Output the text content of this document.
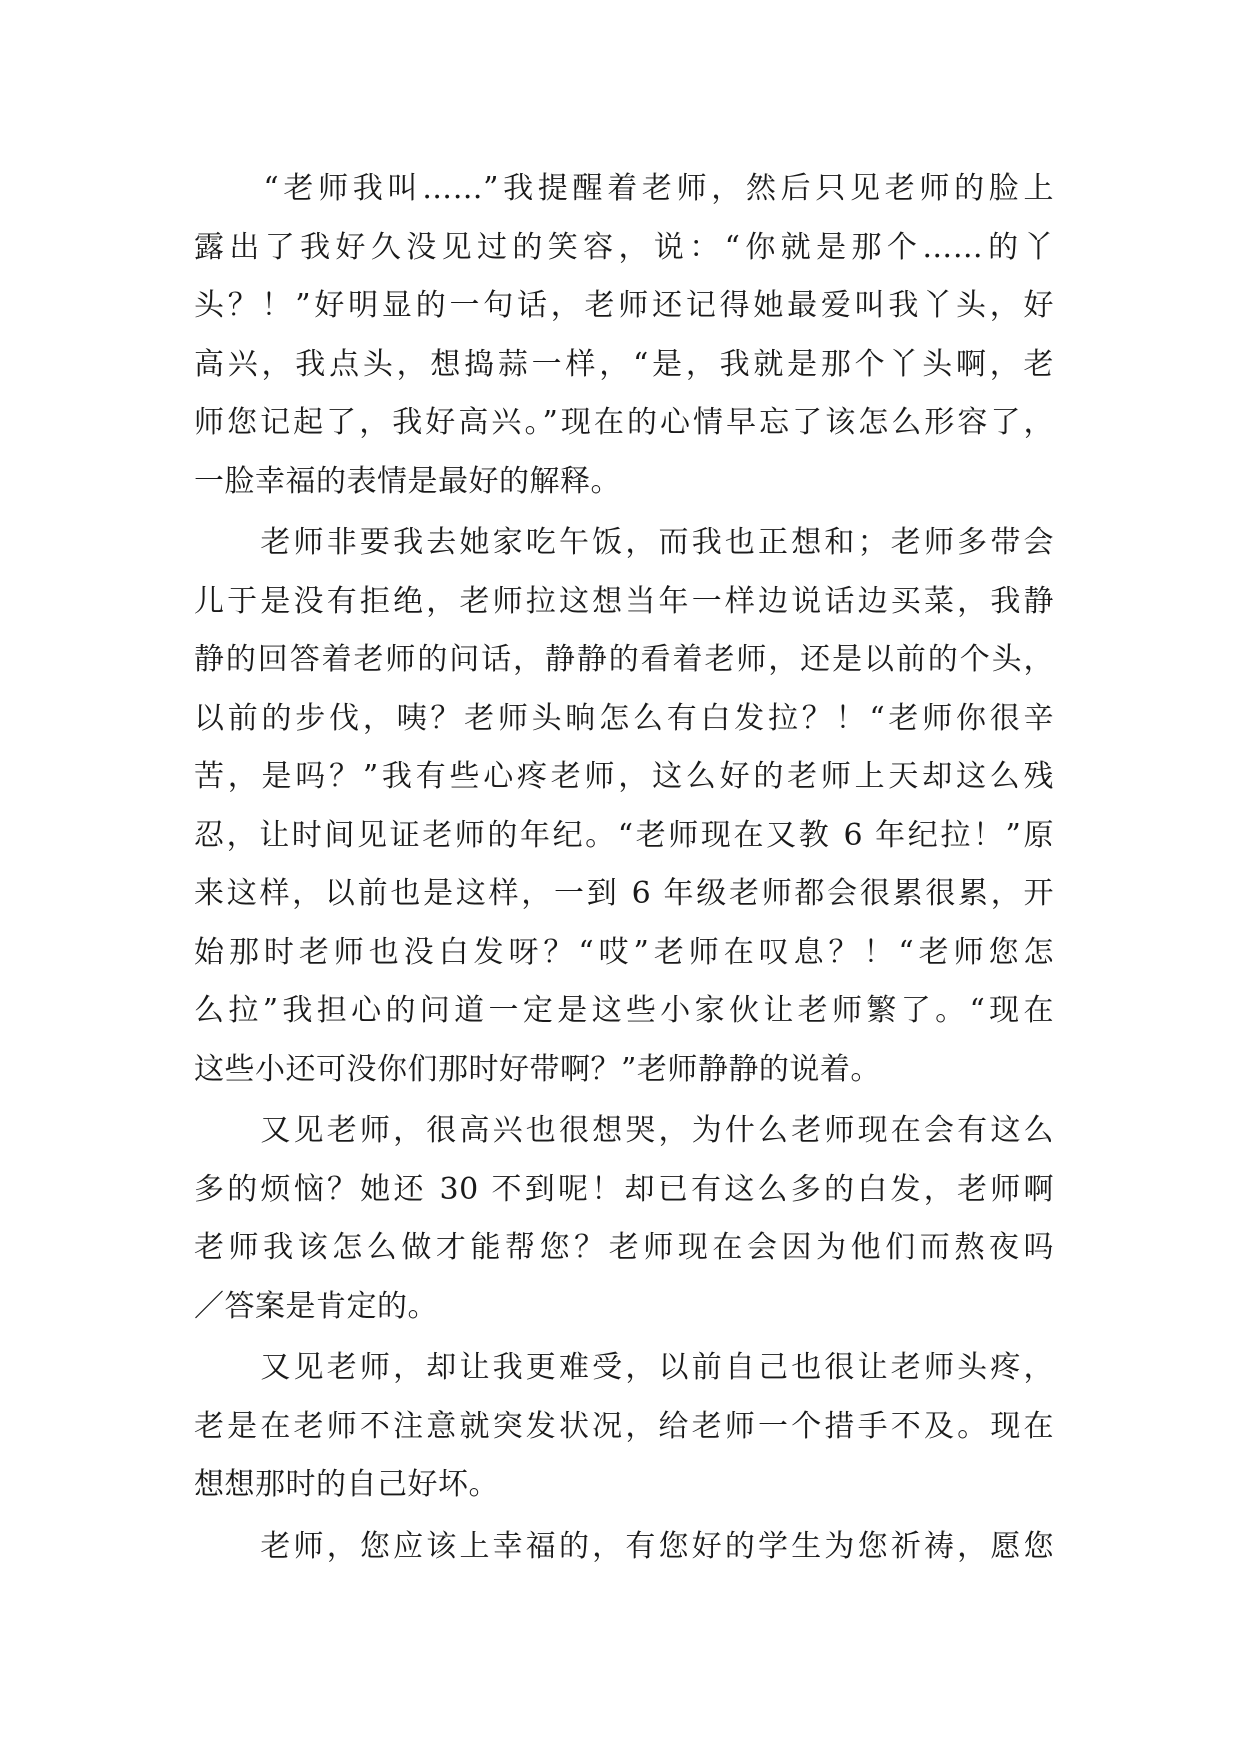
　　“老师我叫……”我提醒着老师，然后只见老师的脸上
露出了我好久没见过的笑容，说：“你就是那个……的丫
头？！”好明显的一句话，老师还记得她最爱叫我丫头，好
高兴，我点头，想捣蒜一样，“是，我就是那个丫头啊，老
师您记起了，我好高兴。”现在的心情早忘了该怎么形容了，
一脸幸福的表情是最好的解释。
　　老师非要我去她家吃午饭，而我也正想和；老师多带会
儿于是没有拒绝，老师拉这想当年一样边说话边买菜，我静
静的回答着老师的问话，静静的看着老师，还是以前的个头，
以前的步伐，咦？老师头晌怎么有白发拉？！“老师你很辛
苦，是吗？”我有些心疼老师，这么好的老师上天却这么残
忍，让时间见证老师的年纪。“老师现在又教 6 年纪拉！”原
来这样，以前也是这样，一到 6 年级老师都会很累很累，开
始那时老师也没白发呀？“哎”老师在叹息？！“老师您怎
么拉”我担心的问道一定是这些小家伙让老师繁了。“现在
这些小还可没你们那时好带啊？”老师静静的说着。
　　又见老师，很高兴也很想哭，为什么老师现在会有这么
多的烦恼？她还 30 不到呢！却已有这么多的白发，老师啊
老师我该怎么做才能帮您？老师现在会因为他们而熬夜吗
／答案是肯定的。
　　又见老师，却让我更难受，以前自己也很让老师头疼，
老是在老师不注意就突发状况，给老师一个措手不及。现在
想想那时的自己好坏。
　　老师，您应该上幸福的，有您好的学生为您祈祷，愿您
